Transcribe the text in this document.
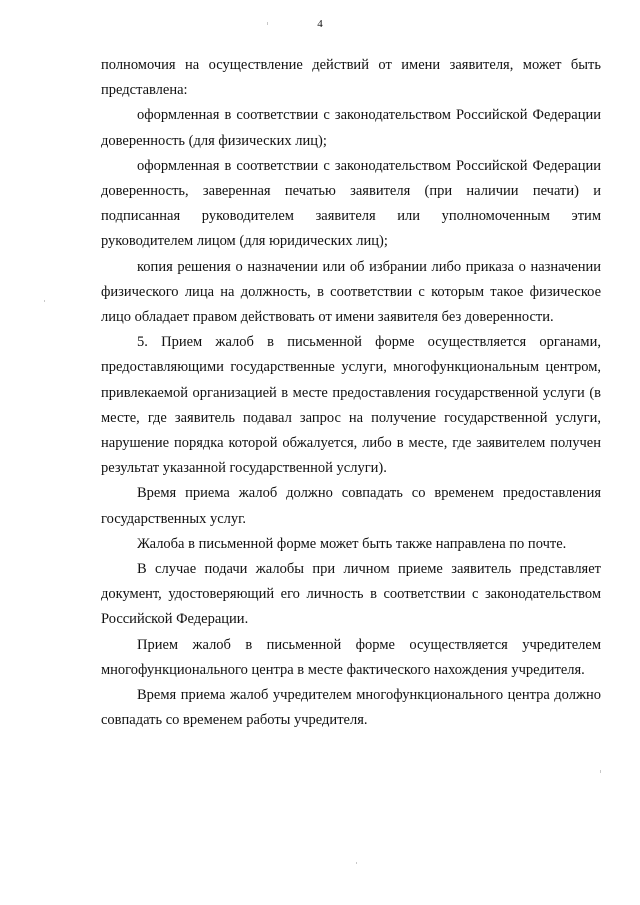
4

полномочия на осуществление действий от имени заявителя, может быть представлена:

оформленная в соответствии с законодательством Российской Федерации доверенность (для физических лиц);

оформленная в соответствии с законодательством Российской Федерации доверенность, заверенная печатью заявителя (при наличии печати) и подписанная руководителем заявителя или уполномоченным этим руководителем лицом (для юридических лиц);

копия решения о назначении или об избрании либо приказа о назначении физического лица на должность, в соответствии с которым такое физическое лицо обладает правом действовать от имени заявителя без доверенности.

5. Прием жалоб в письменной форме осуществляется органами, предоставляющими государственные услуги, многофункциональным центром, привлекаемой организацией в месте предоставления государственной услуги (в месте, где заявитель подавал запрос на получение государственной услуги, нарушение порядка которой обжалуется, либо в месте, где заявителем получен результат указанной государственной услуги).

Время приема жалоб должно совпадать со временем предоставления государственных услуг.

Жалоба в письменной форме может быть также направлена по почте.

В случае подачи жалобы при личном приеме заявитель представляет документ, удостоверяющий его личность в соответствии с законодательством Российской Федерации.

Прием жалоб в письменной форме осуществляется учредителем многофункционального центра в месте фактического нахождения учредителя.

Время приема жалоб учредителем многофункционального центра должно совпадать со временем работы учредителя.
